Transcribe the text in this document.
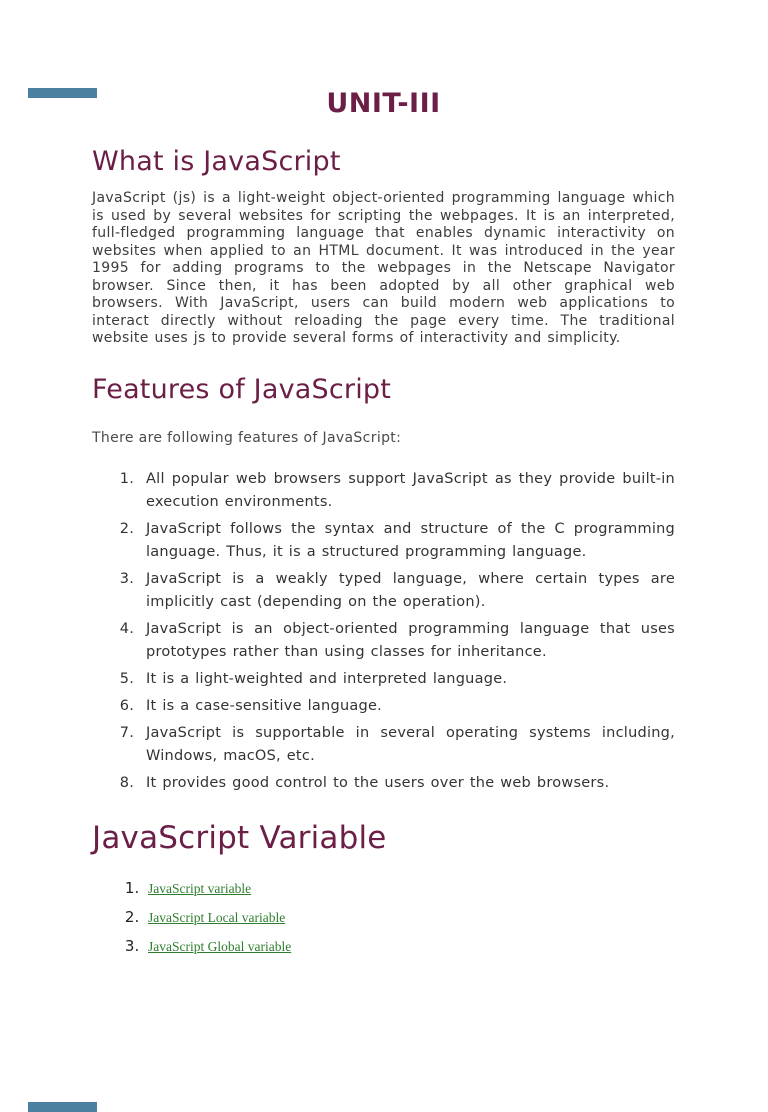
UNIT-III
What is JavaScript

JavaScript (js) is a light-weight object-oriented programming language which is used by several websites for scripting the webpages. It is an interpreted, full-fledged programming language that enables dynamic interactivity on websites when applied to an HTML document. It was introduced in the year 1995 for adding programs to the webpages in the Netscape Navigator browser. Since then, it has been adopted by all other graphical web browsers. With JavaScript, users can build modern web applications to interact directly without reloading the page every time. The traditional website uses js to provide several forms of interactivity and simplicity.

Features of JavaScript

There are following features of JavaScript:

1. All popular web browsers support JavaScript as they provide built-in execution environments.
2. JavaScript follows the syntax and structure of the C programming language. Thus, it is a structured programming language.
3. JavaScript is a weakly typed language, where certain types are implicitly cast (depending on the operation).
4. JavaScript is an object-oriented programming language that uses prototypes rather than using classes for inheritance.
5. It is a light-weighted and interpreted language.
6. It is a case-sensitive language.
7. JavaScript is supportable in several operating systems including, Windows, macOS, etc.
8. It provides good control to the users over the web browsers.
JavaScript Variable
1. JavaScript variable
2. JavaScript Local variable
3. JavaScript Global variable
